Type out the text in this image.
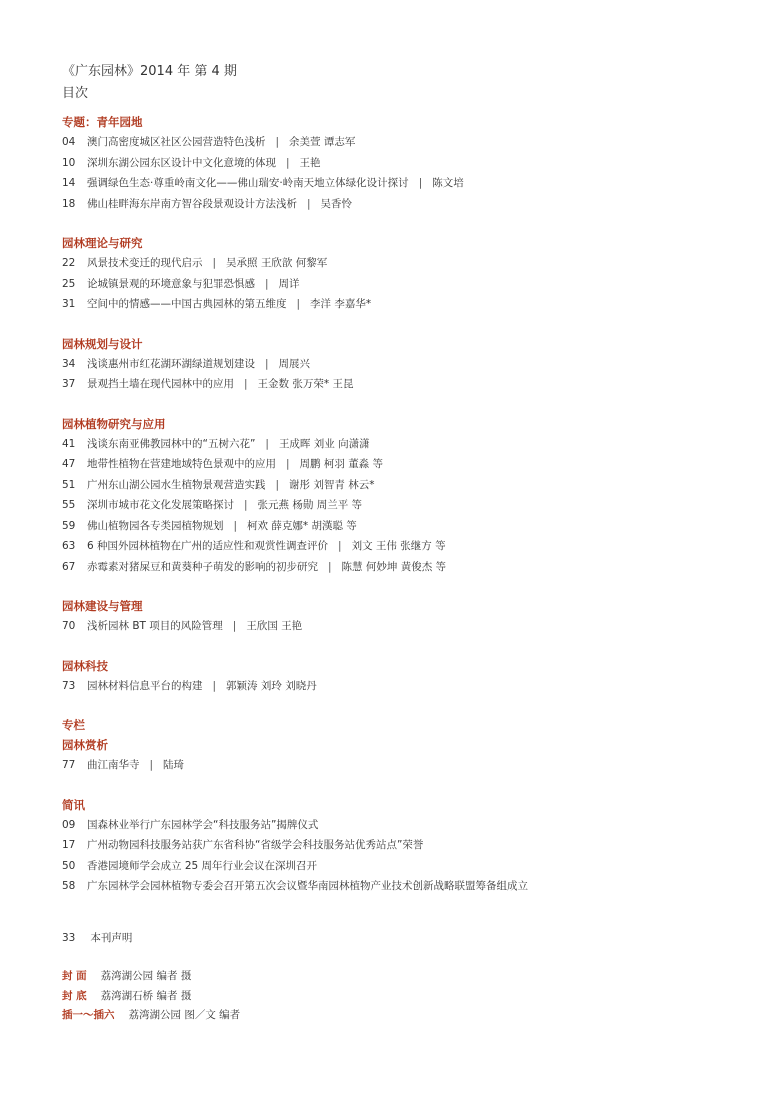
《广东园林》2014 年 第 4 期
目次
专题：青年园地
04 澳门高密度城区社区公园营造特色浅析 | 余美萱 谭志军
10 深圳东湖公园东区设计中文化意境的体现 | 王艳
14 强调绿色生态·尊重岭南文化——佛山瑞安·岭南天地立体绿化设计探讨 | 陈文培
18 佛山桂畔海东岸南方智谷段景观设计方法浅析 | 吴香怜
园林理论与研究
22 风景技术变迁的现代启示 | 吴承照 王欣歆 何黎军
25 论城镇景观的环境意象与犯罪恐惧感 | 周详
31 空间中的情感——中国古典园林的第五维度 | 李洋 李嘉华*
园林规划与设计
34 浅谈惠州市红花湖环湖绿道规划建设 | 周展兴
37 景观挡土墙在现代园林中的应用 | 王金数 张万荣* 王昆
园林植物研究与应用
41 浅谈东南亚佛教园林中的“五树六花” | 王成晖 刘业 向潇潇
47 地带性植物在营建地域特色景观中的应用 | 周鹏 柯羽 董淼 等
51 广州东山湖公园水生植物景观营造实践 | 谢彤 刘智青 林云*
55 深圳市城市花文化发展策略探讨 | 张元燕 杨勋 周兰平 等
59 佛山植物园各专类园植物规划 | 柯欢 薛克娜* 胡漢聪 等
63 6 种国外园林植物在广州的适应性和观赏性调查评价 | 刘文 王伟 张继方 等
67 赤霉素对猪屎豆和黄葵种子萌发的影响的初步研究 | 陈慧 何妙坤 黄俊杰 等
园林建设与管理
70 浅析园林 BT 项目的风险管理 | 王欣国 王艳
园林科技
73 园林材料信息平台的构建 | 郭颖涛 刘玲 刘晓丹
专栏
园林赏析
77 曲江南华寺 | 陆琦
简讯
09 国森林业举行广东园林学会“科技服务站”揭牌仪式
17 广州动物园科技服务站获广东省科协“省级学会科技服务站优秀站点”荣誉
50 香港园境师学会成立 25 周年行业会议在深圳召开
58 广东园林学会园林植物专委会召开第五次会议暨华南园林植物产业技术创新战略联盟筹备组成立
33 本刊声明
封 面 荔湾湖公园 编者 摄
封 底 荔湾湖石桥 编者 摄
插一～插六 荔湾湖公园 图／文 编者
